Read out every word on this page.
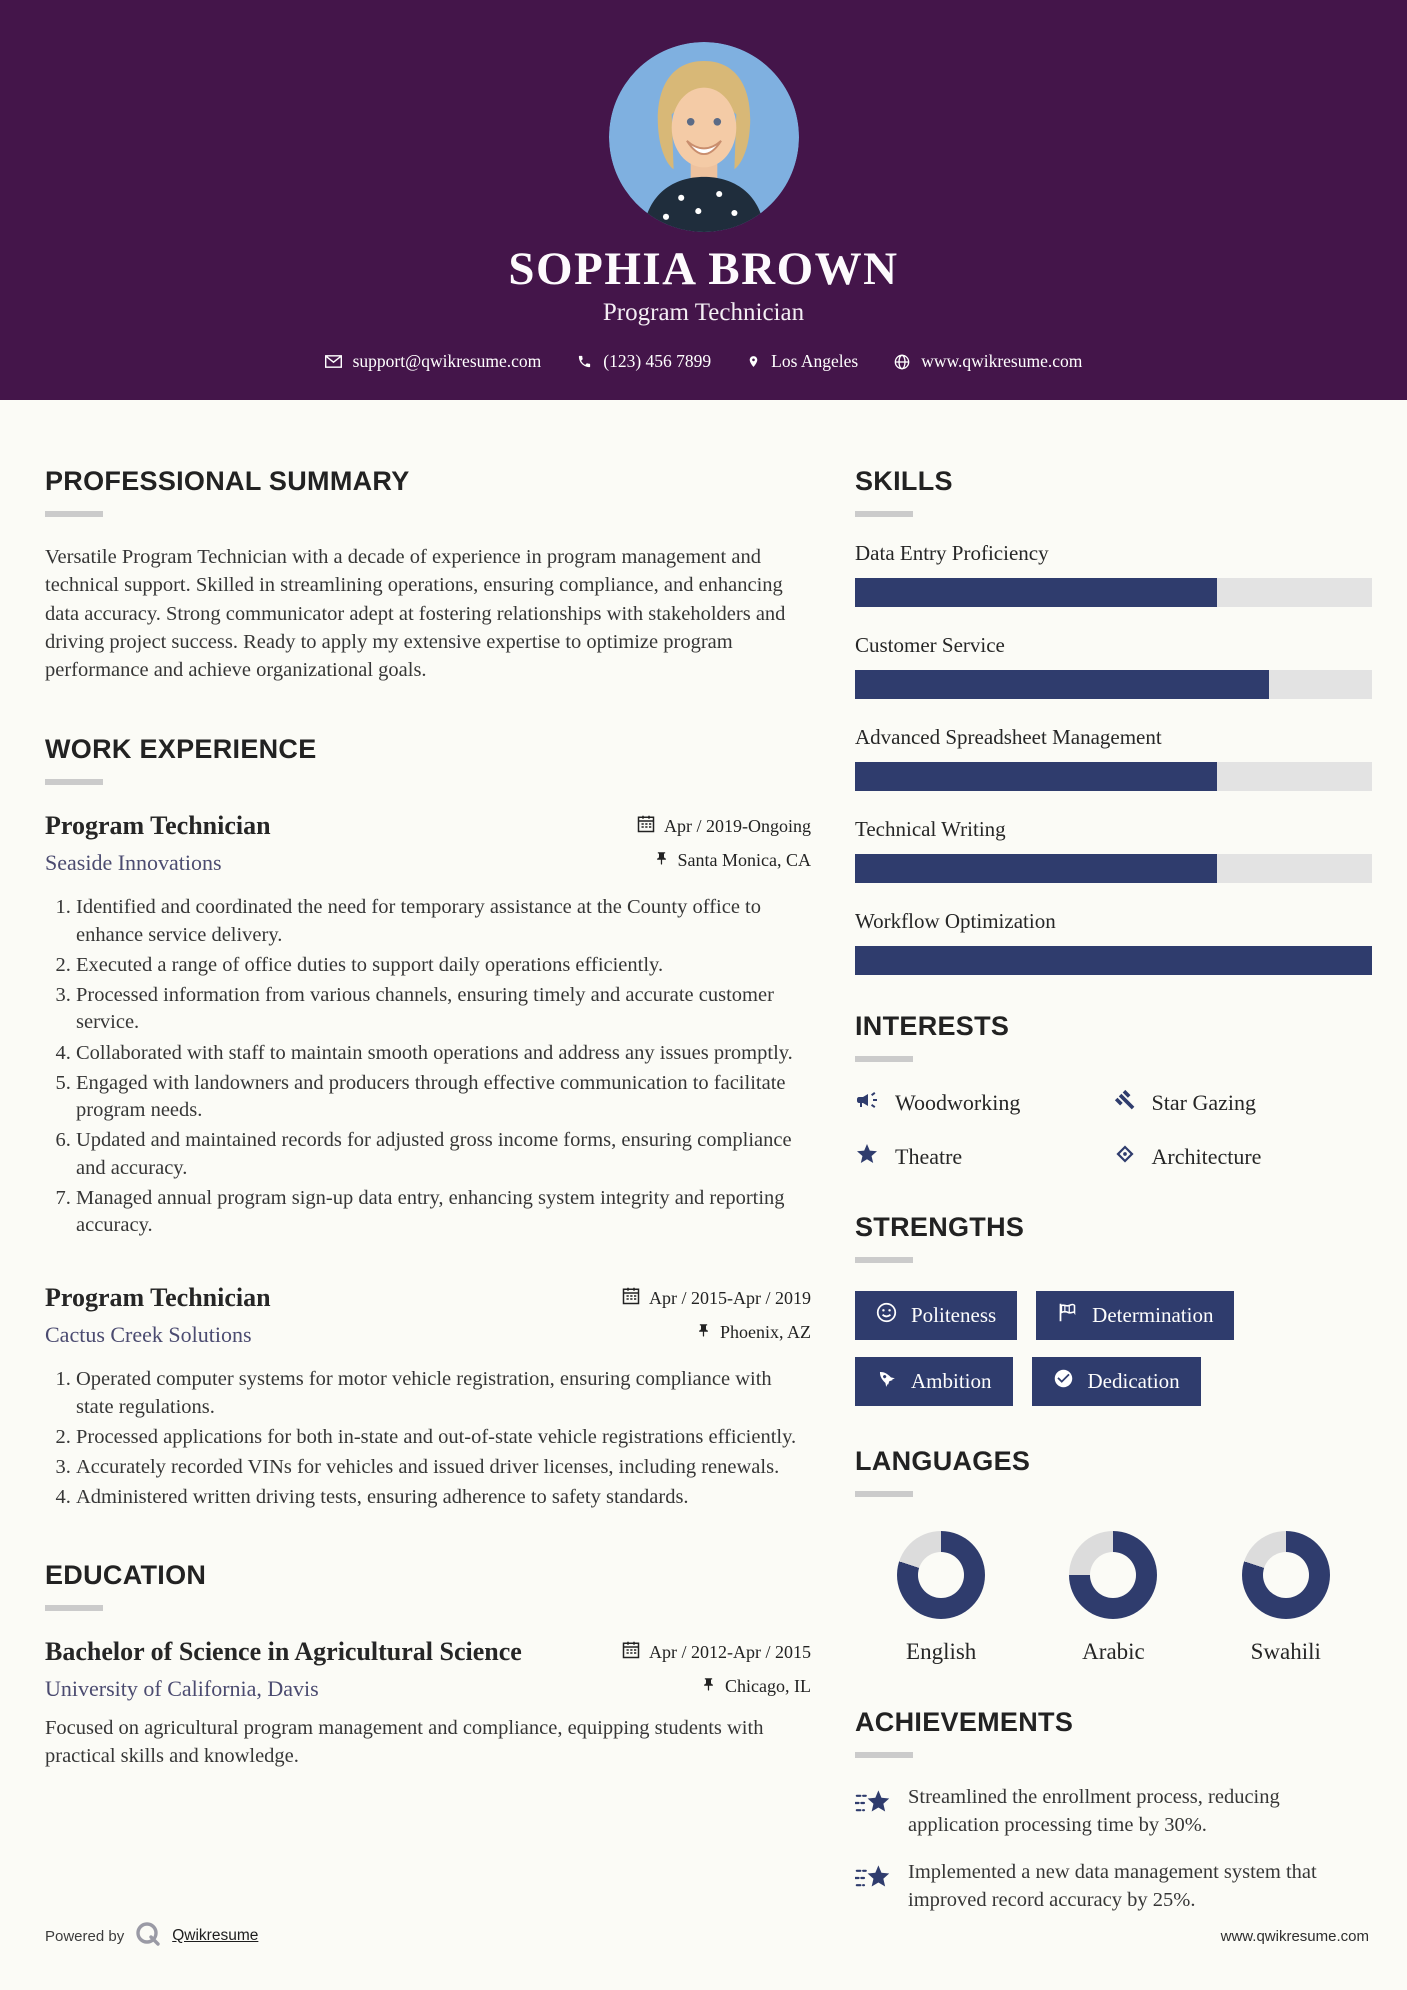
SOPHIA BROWN
Program Technician
support@qwikresume.com	(123) 456 7899	Los Angeles	www.qwikresume.com
PROFESSIONAL SUMMARY
Versatile Program Technician with a decade of experience in program management and technical support. Skilled in streamlining operations, ensuring compliance, and enhancing data accuracy. Strong communicator adept at fostering relationships with stakeholders and driving project success. Ready to apply my extensive expertise to optimize program performance and achieve organizational goals.
WORK EXPERIENCE
Program Technician
Seaside Innovations
Apr / 2019-Ongoing
Santa Monica, CA
1. Identified and coordinated the need for temporary assistance at the County office to enhance service delivery.
2. Executed a range of office duties to support daily operations efficiently.
3. Processed information from various channels, ensuring timely and accurate customer service.
4. Collaborated with staff to maintain smooth operations and address any issues promptly.
5. Engaged with landowners and producers through effective communication to facilitate program needs.
6. Updated and maintained records for adjusted gross income forms, ensuring compliance and accuracy.
7. Managed annual program sign-up data entry, enhancing system integrity and reporting accuracy.
Program Technician
Cactus Creek Solutions
Apr / 2015-Apr / 2019
Phoenix, AZ
1. Operated computer systems for motor vehicle registration, ensuring compliance with state regulations.
2. Processed applications for both in-state and out-of-state vehicle registrations efficiently.
3. Accurately recorded VINs for vehicles and issued driver licenses, including renewals.
4. Administered written driving tests, ensuring adherence to safety standards.
EDUCATION
Bachelor of Science in Agricultural Science
University of California, Davis
Apr / 2012-Apr / 2015
Chicago, IL
Focused on agricultural program management and compliance, equipping students with practical skills and knowledge.
SKILLS
Data Entry Proficiency
Customer Service
Advanced Spreadsheet Management
Technical Writing
Workflow Optimization
INTERESTS
Woodworking	Star Gazing
Theatre	Architecture
STRENGTHS
Politeness	Determination
Ambition	Dedication
LANGUAGES
English	Arabic	Swahili
ACHIEVEMENTS
Streamlined the enrollment process, reducing application processing time by 30%.
Implemented a new data management system that improved record accuracy by 25%.
Powered by	Qwikresume	www.qwikresume.com
